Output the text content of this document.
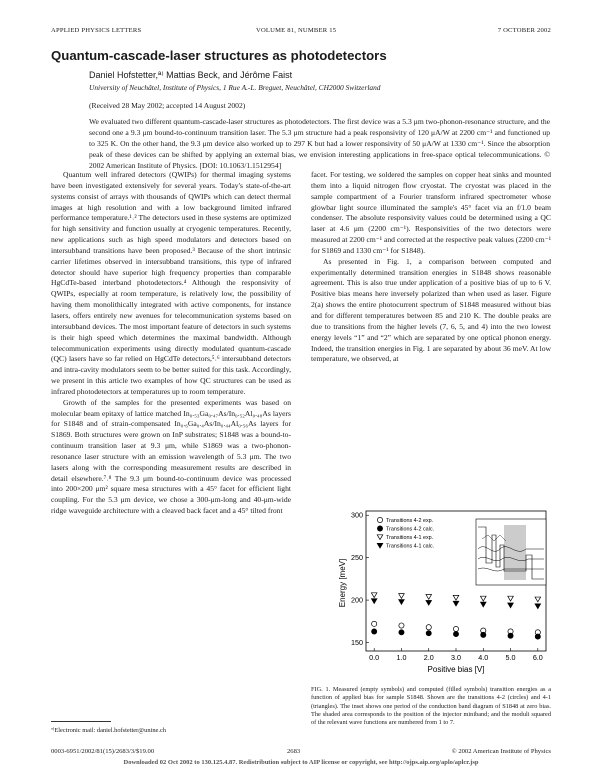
APPLIED PHYSICS LETTERS	VOLUME 81, NUMBER 15	7 OCTOBER 2002
Quantum-cascade-laser structures as photodetectors
Daniel Hofstetter,ª⁾ Mattias Beck, and Jérôme Faist
University of Neuchâtel, Institute of Physics, 1 Rue A.-L. Breguet, Neuchâtel, CH2000 Switzerland
(Received 28 May 2002; accepted 14 August 2002)

We evaluated two different quantum-cascade-laser structures as photodetectors. The first device was a 5.3 μm two-phonon-resonance structure, and the second one a 9.3 μm bound-to-continuum transition laser. The 5.3 μm structure had a peak responsivity of 120 μA/W at 2200 cm⁻¹ and functioned up to 325 K. On the other hand, the 9.3 μm device also worked up to 297 K but had a lower responsivity of 50 μA/W at 1330 cm⁻¹. Since the absorption peak of these devices can be shifted by applying an external bias, we envision interesting applications in free-space optical telecommunications. © 2002 American Institute of Physics. [DOI: 10.1063/1.1512954]

Quantum well infrared detectors (QWIPs) for thermal imaging systems have been investigated extensively for several years. Today's state-of-the-art systems consist of arrays with thousands of QWIPs which can detect thermal images at high resolution and with a low background limited infrared performance temperature.¹˒² The detectors used in these systems are optimized for high sensitivity and function usually at cryogenic temperatures. Recently, new applications such as high speed modulators and detectors based on intersubband transitions have been proposed.³ Because of the short intrinsic carrier lifetimes observed in intersubband transitions, this type of infrared detector should have superior high frequency properties than comparable HgCdTe-based interband photodetectors.⁴ Although the responsivity of QWIPs, especially at room temperature, is relatively low, the possibility of having them monolithically integrated with active components, for instance lasers, offers entirely new avenues for telecommunication systems based on intersubband devices. The most important feature of detectors in such systems is their high speed which determines the maximal bandwidth. Although telecommunication experiments using directly modulated quantum-cascade (QC) lasers have so far relied on HgCdTe detectors,⁵˒⁶ intersubband detectors and intra-cavity modulators seem to be better suited for this task. Accordingly, we present in this article two examples of how QC structures can be used as infrared photodetectors at temperatures up to room temperature.

Growth of the samples for the presented experiments was based on molecular beam epitaxy of lattice matched In₀.₅₃Ga₀.₄₇As/In₀.₅₂Al₀.₄₈As layers for S1848 and of strain-compensated In₀.₆Ga₀.₄As/In₀.₄₄Al₀.₅₆As layers for S1869. Both structures were grown on InP substrates; S1848 was a bound-to-continuum transition laser at 9.3 μm, while S1869 was a two-phonon-resonance laser structure with an emission wavelength of 5.3 μm. The two lasers along with the corresponding measurement results are described in detail elsewhere.⁷˒⁸ The 9.3 μm bound-to-continuum device was processed into 200×200 μm² square mesa structures with a 45° facet for efficient light coupling. For the 5.3 μm device, we chose a 300-μm-long and 40-μm-wide ridge waveguide architecture with a cleaved back facet and a 45° tilted front

facet. For testing, we soldered the samples on copper heat sinks and mounted them into a liquid nitrogen flow cryostat. The cryostat was placed in the sample compartment of a Fourier transform infrared spectrometer whose glowbar light source illuminated the sample's 45° facet via an f/1.0 beam condenser. The absolute responsivity values could be determined using a QC laser at 4.6 μm (2200 cm⁻¹). Responsivities of the two detectors were measured at 2200 cm⁻¹ and corrected at the respective peak values (2200 cm⁻¹ for S1869 and 1330 cm⁻¹ for S1848).

As presented in Fig. 1, a comparison between computed and experimentally determined transition energies in S1848 shows reasonable agreement. This is also true under application of a positive bias of up to 6 V. Positive bias means here inversely polarized than when used as laser. Figure 2(a) shows the entire photocurrent spectrum of S1848 measured without bias and for different temperatures between 85 and 210 K. The double peaks are due to transitions from the higher levels (7, 6, 5, and 4) into the two lowest energy levels “1” and “2” which are separated by one optical phonon energy. Indeed, the transition energies in Fig. 1 are separated by about 36 meV. At low temperature, we observed, at

Transitions 4-2 exp.
Transitions 4-2 calc.
Transitions 4-1 exp.
Transitions 4-1 calc.
Energy [meV]
Positive bias [V]
0.0 1.0 2.0 3.0 4.0 5.0 6.0
150
200
250
300

FIG. 1. Measured (empty symbols) and computed (filled symbols) transition energies as a function of applied bias for sample S1848. Shown are the transitions 4-2 (circles) and 4-1 (triangles). The inset shows one period of the conduction band diagram of S1848 at zero bias. The shaded area corresponds to the position of the injector miniband; and the moduli squared of the relevant wave functions are numbered from 1 to 7.

ª⁾Electronic mail: daniel.hofstetter@unine.ch
0003-6951/2002/81(15)/2683/3/$19.00	2683	© 2002 American Institute of Physics
Downloaded 02 Oct 2002 to 130.125.4.87. Redistribution subject to AIP license or copyright, see http://ojps.aip.org/aplo/aplcr.jsp
